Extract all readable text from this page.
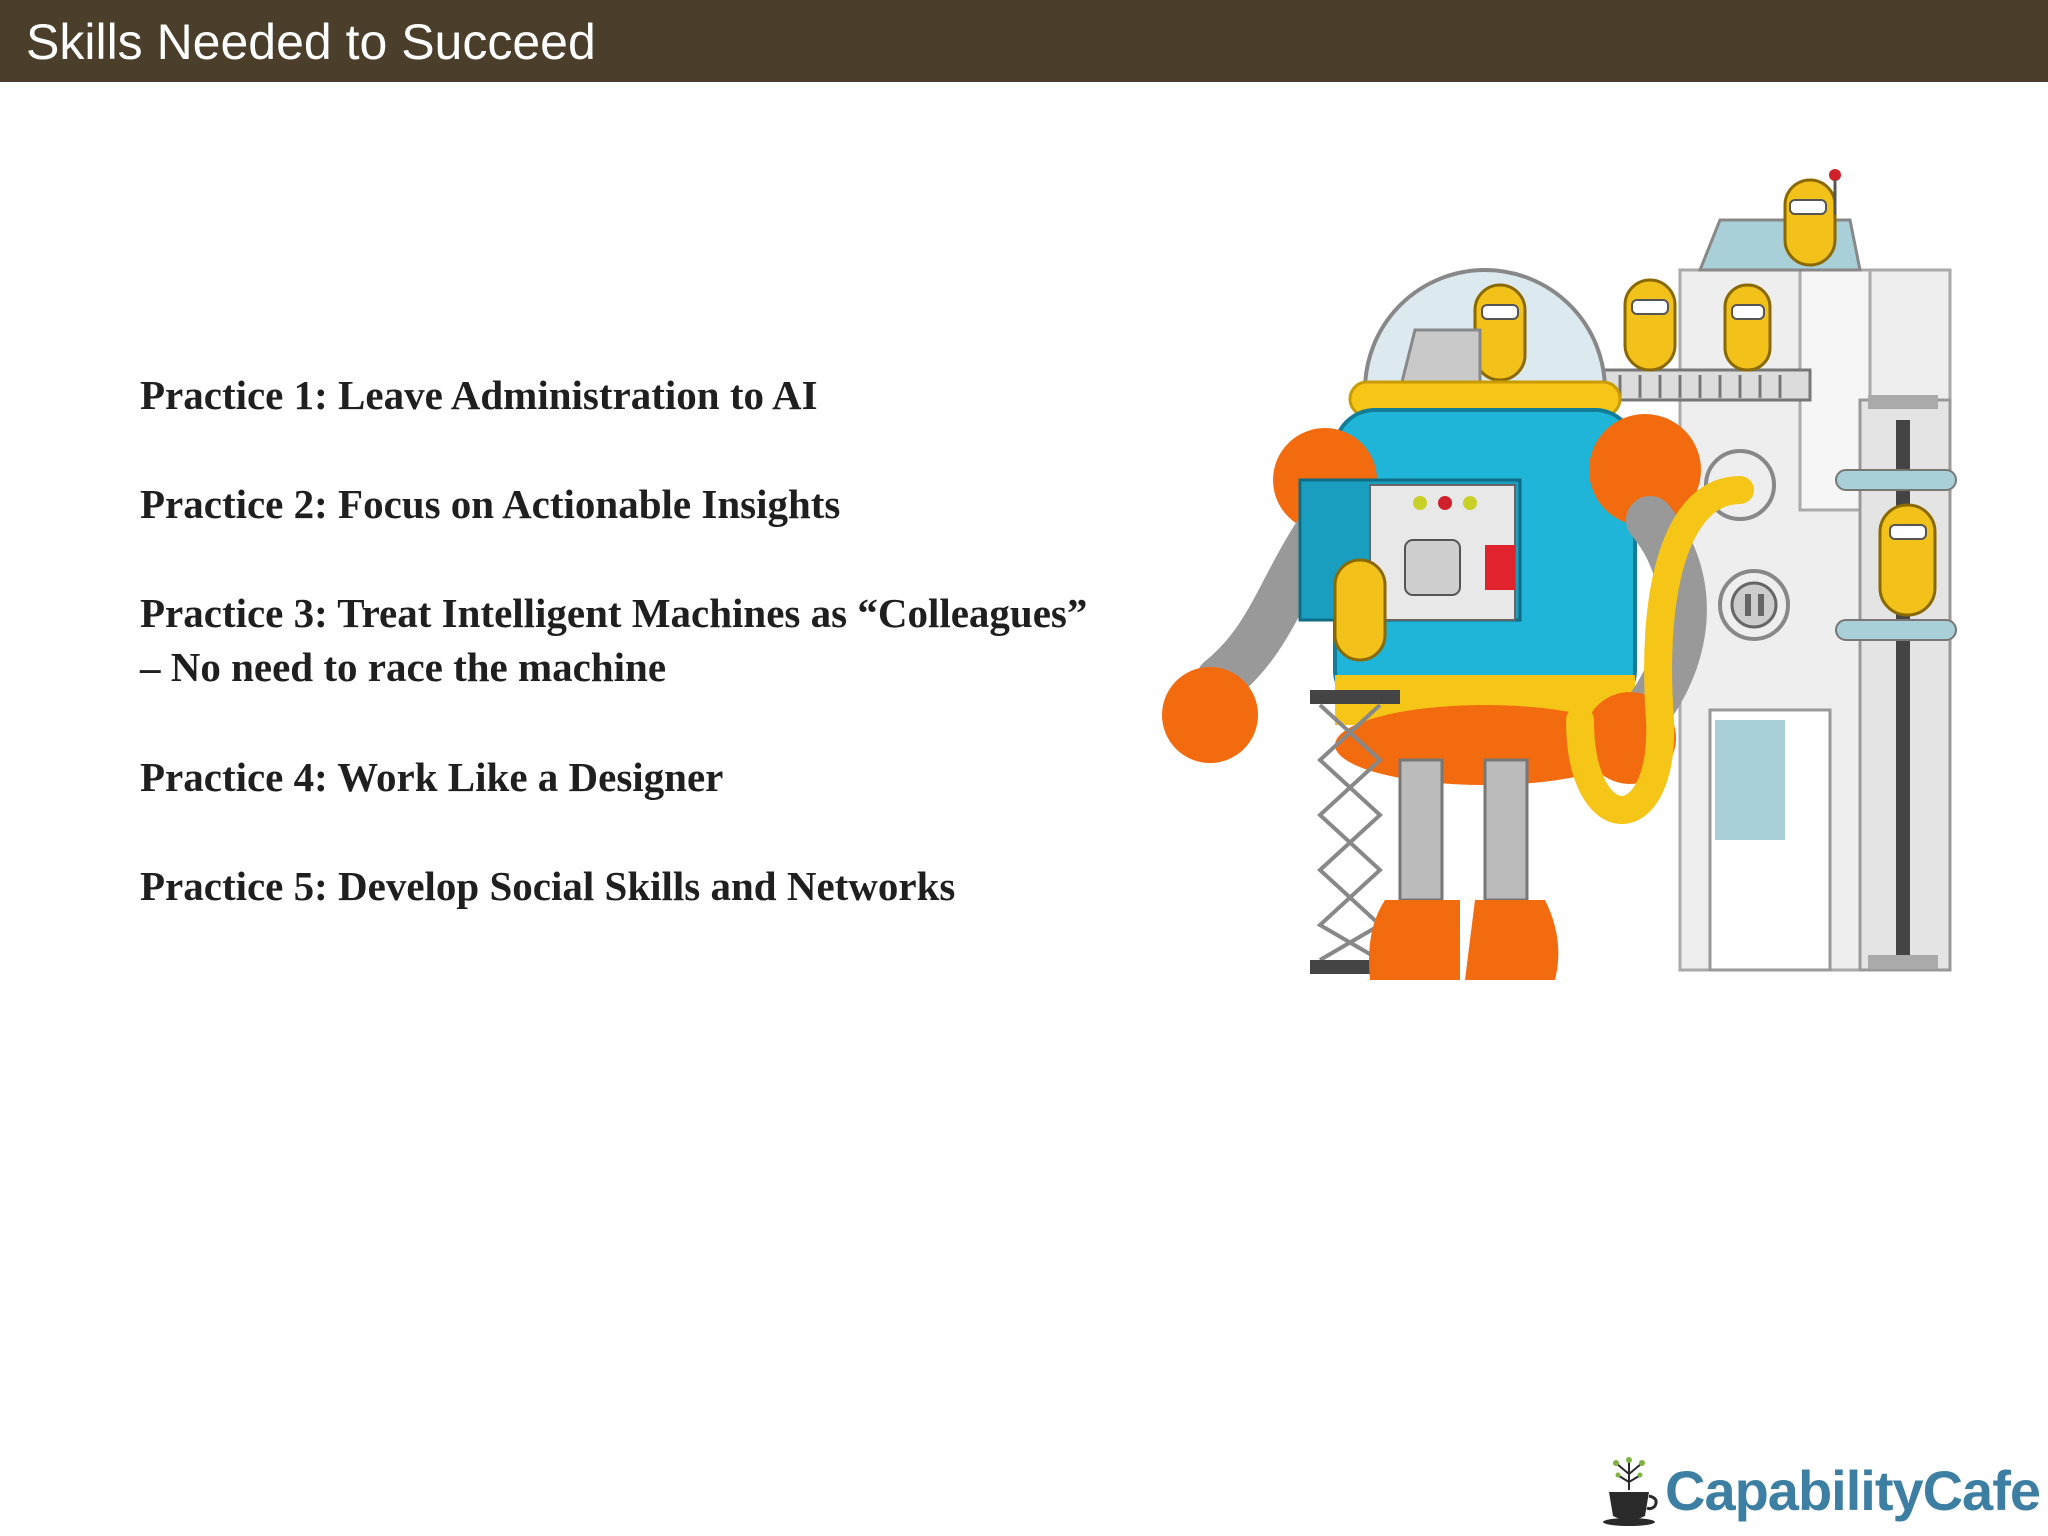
Skills Needed to Succeed
Practice 1: Leave Administration to AI
Practice 2: Focus on Actionable Insights
Practice 3: Treat Intelligent Machines as “Colleagues”
– No need to race the machine
Practice 4: Work Like a Designer
Practice 5: Develop Social Skills and Networks
CapabilityCafe
